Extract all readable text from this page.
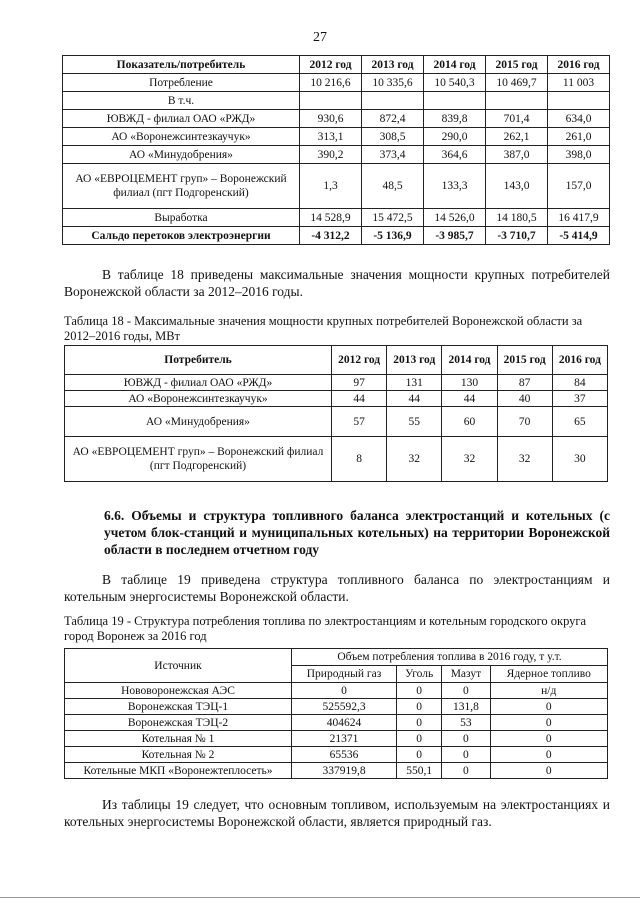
27
Показатель/потребитель	2012 год	2013 год	2014 год	2015 год	2016 год
Потребление	10 216,6	10 335,6	10 540,3	10 469,7	11 003
В т.ч.					
ЮВЖД - филиал ОАО «РЖД»	930,6	872,4	839,8	701,4	634,0
АО «Воронежсинтезкаучук»	313,1	308,5	290,0	262,1	261,0
АО «Минудобрения»	390,2	373,4	364,6	387,0	398,0
АО «ЕВРОЦЕМЕНТ груп» – Воронежский филиал (пгт Подгоренский)	1,3	48,5	133,3	143,0	157,0
Выработка	14 528,9	15 472,5	14 526,0	14 180,5	16 417,9
Сальдо перетоков электроэнергии	-4 312,2	-5 136,9	-3 985,7	-3 710,7	-5 414,9

В таблице 18 приведены максимальные значения мощности крупных потребителей Воронежской области за 2012–2016 годы.

Таблица 18 - Максимальные значения мощности крупных потребителей Воронежской области за 2012–2016 годы, МВт

Потребитель	2012 год	2013 год	2014 год	2015 год	2016 год
ЮВЖД - филиал ОАО «РЖД»	97	131	130	87	84
АО «Воронежсинтезкаучук»	44	44	44	40	37
АО «Минудобрения»	57	55	60	70	65
АО «ЕВРОЦЕМЕНТ груп» – Воронежский филиал (пгт Подгоренский)	8	32	32	32	30

6.6. Объемы и структура топливного баланса электростанций и котельных (с учетом блок-станций и муниципальных котельных) на территории Воронежской области в последнем отчетном году

В таблице 19 приведена структура топливного баланса по электростанциям и котельным энергосистемы Воронежской области.

Таблица 19 - Структура потребления топлива по электростанциям и котельным городского округа город Воронеж за 2016 год

Источник	Объем потребления топлива в 2016 году, т у.т.			
	Природный газ	Уголь	Мазут	Ядерное топливо
Нововоронежская АЭС	0	0	0	н/д
Воронежская ТЭЦ-1	525592,3	0	131,8	0
Воронежская ТЭЦ-2	404624	0	53	0
Котельная № 1	21371	0	0	0
Котельная № 2	65536	0	0	0
Котельные МКП «Воронежтеплосеть»	337919,8	550,1	0	0

Из таблицы 19 следует, что основным топливом, используемым на электростанциях и котельных энергосистемы Воронежской области, является природный газ.
